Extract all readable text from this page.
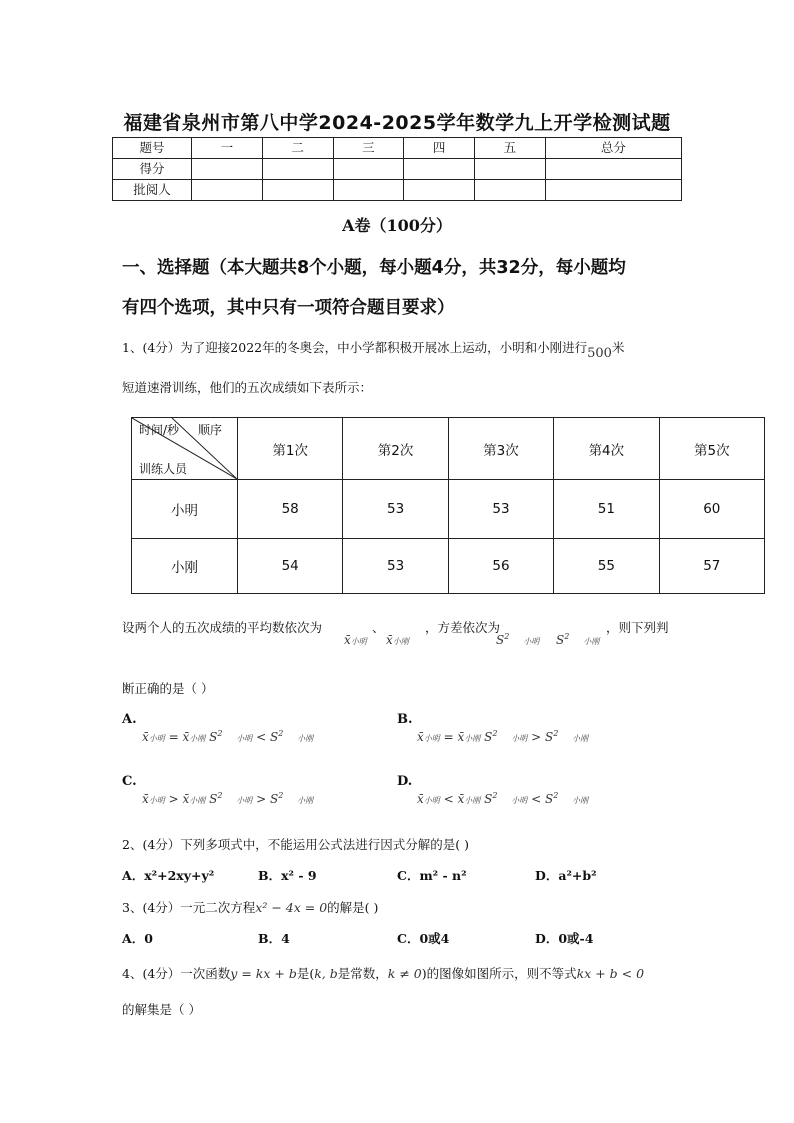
福建省泉州市第八中学2024-2025学年数学九上开学检测试题
题号	一	二	三	四	五	总分
得分						
批阅人						
A卷（100分）
一、选择题（本大题共8个小题，每小题4分，共32分，每小题均
有四个选项，其中只有一项符合题目要求）
1、(4分）为了迎接2022年的冬奥会，中小学都积极开展冰上运动，小明和小刚进行500米
短道速滑训练，他们的五次成绩如下表所示：
时间/秒 顺序
训练人员	第1次	第2次	第3次	第4次	第5次
小明	58	53	53	51	60
小刚	54	53	56	55	57
设两个人的五次成绩的平均数依次为	、	，方差依次为	，则下列判
x̄小明 x̄小刚	$S^2$小明 $S^2$小刚
断正确的是（ ）
A.
x̄小明 = x̄小刚 $S^2$ 小明 < $S^2$ 小刚
B.
x̄小明 = x̄小刚 $S^2$ 小明 > $S^2$ 小刚
C.
x̄小明 > x̄小刚 $S^2$ 小明 > $S^2$ 小刚
D.
x̄小明 < x̄小刚 $S^2$ 小明 < $S^2$ 小刚
2、(4分）下列多项式中，不能运用公式法进行因式分解的是( )
A．x²+2xy+y²	B．x² - 9	C．m² - n²	D．a²+b²
3、(4分）一元二次方程x² − 4x = 0的解是( )
A．0	B．4	C．0或4	D．0或-4
4、(4分）一次函数y = kx + b是(k, b是常数，k ≠ 0)的图像如图所示，则不等式kx + b < 0
的解集是（ ）
